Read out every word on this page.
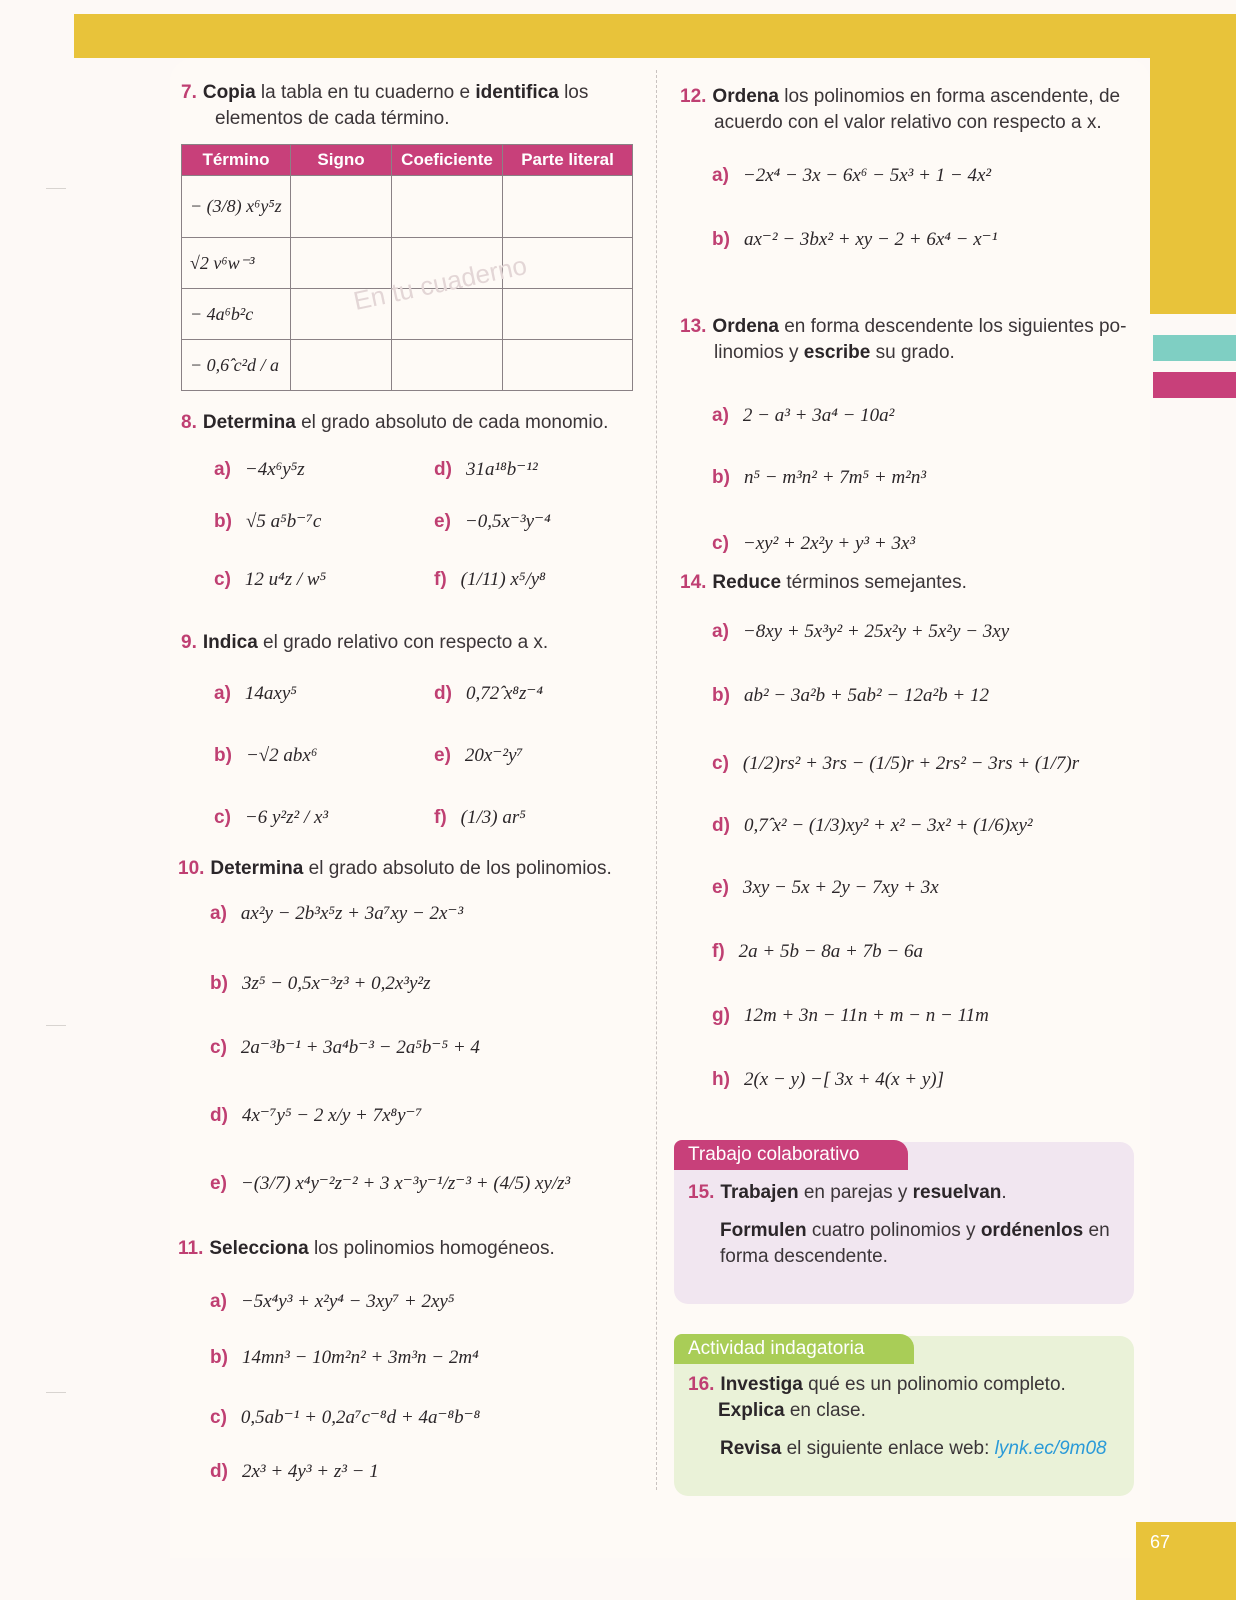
7. Copia la tabla en tu cuaderno e identifica los
elementos de cada término.
Término	Signo	Coeficiente	Parte literal
− (3/8) x⁶y⁵z			
√2 v⁶w⁻³			
− 4a⁶b²c			
− 0,6̂ c²d / a			
En tu cuaderno
8. Determina el grado absoluto de cada monomio.
a) −4x⁶y⁵z	d) 31a¹⁸b⁻¹²
b) √5 a⁵b⁻⁷c	e) −0,5x⁻³y⁻⁴
c) 12 u⁴z / w⁵	f) (1/11) x⁵/y⁸
9. Indica el grado relativo con respecto a x.
a) 14axy⁵	d) 0,72̂ x⁸z⁻⁴
b) −√2 abx⁶	e) 20x⁻²y⁷
c) −6 y²z² / x³	f) (1/3) ar⁵
10. Determina el grado absoluto de los polinomios.
a) ax²y − 2b³x⁵z + 3a⁷xy − 2x⁻³
b) 3z⁵ − 0,5x⁻³z³ + 0,2x³y²z
c) 2a⁻³b⁻¹ + 3a⁴b⁻³ − 2a⁵b⁻⁵ + 4
d) 4x⁻⁷y⁵ − 2 x/y + 7x⁸y⁻⁷
e) −(3/7) x⁴y⁻²z⁻² + 3 x⁻³y⁻¹/z⁻³ + (4/5) xy/z³
11. Selecciona los polinomios homogéneos.
a) −5x⁴y³ + x²y⁴ − 3xy⁷ + 2xy⁵
b) 14mn³ − 10m²n² + 3m³n − 2m⁴
c) 0,5ab⁻¹ + 0,2a⁷c⁻⁸d + 4a⁻⁸b⁻⁸
d) 2x³ + 4y³ + z³ − 1
12. Ordena los polinomios en forma ascendente, de
acuerdo con el valor relativo con respecto a x.
a) −2x⁴ − 3x − 6x⁶ − 5x³ + 1 − 4x²
b) ax⁻² − 3bx² + xy − 2 + 6x⁴ − x⁻¹
13. Ordena en forma descendente los siguientes po-
linomios y escribe su grado.
a) 2 − a³ + 3a⁴ − 10a²
b) n⁵ − m³n² + 7m⁵ + m²n³
c) −xy² + 2x²y + y³ + 3x³
14. Reduce términos semejantes.
a) −8xy + 5x³y² + 25x²y + 5x²y − 3xy
b) ab² − 3a²b + 5ab² − 12a²b + 12
c) (1/2)rs² + 3rs − (1/5)r + 2rs² − 3rs + (1/7)r
d) 0,7̂ x² − (1/3)xy² + x² − 3x² + (1/6)xy²
e) 3xy − 5x + 2y − 7xy + 3x
f) 2a + 5b − 8a + 7b − 6a
g) 12m + 3n − 11n + m − n − 11m
h) 2(x − y) −[ 3x + 4(x + y)]
Trabajo colaborativo
15. Trabajen en parejas y resuelvan.
Formulen cuatro polinomios y ordénenlos en
forma descendente.
Actividad indagatoria
16. Investiga qué es un polinomio completo.
Explica en clase.
Revisa el siguiente enlace web: lynk.ec/9m08
67
